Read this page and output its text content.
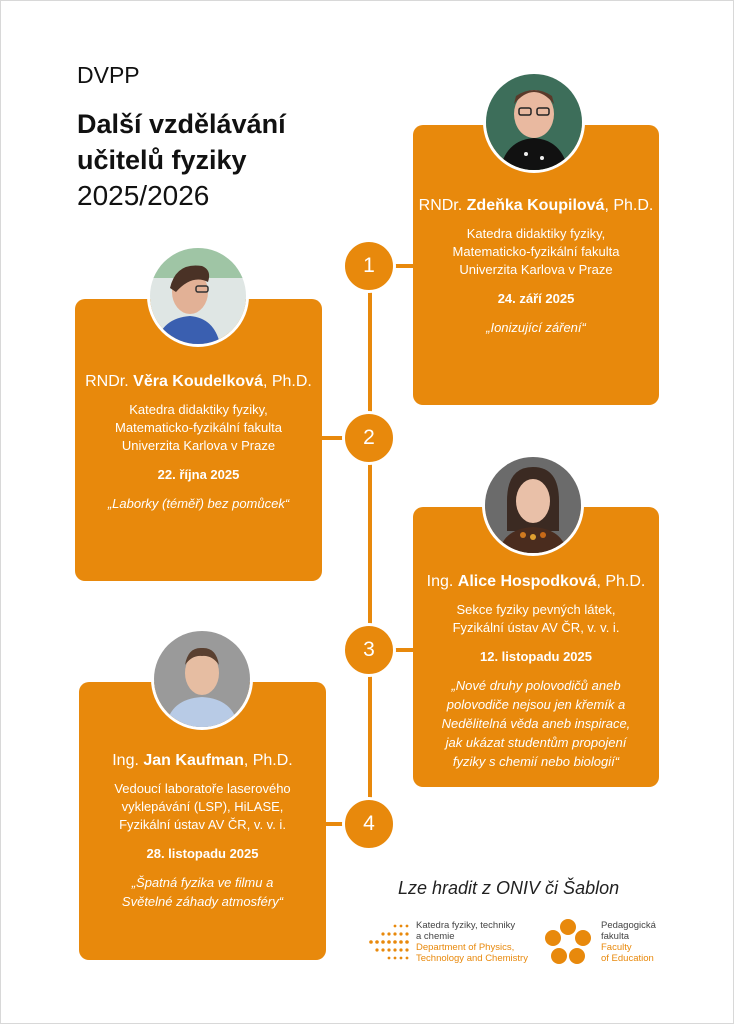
DVPP
Další vzdělávání učitelů fyziky
2025/2026
1
2
3
4
RNDr. Zdeňka Koupilová, Ph.D.
Katedra didaktiky fyziky,
Matematicko-fyzikální fakulta
Univerzita Karlova v Praze
24. září 2025
„Ionizující záření“
RNDr. Věra Koudelková, Ph.D.
Katedra didaktiky fyziky,
Matematicko-fyzikální fakulta
Univerzita Karlova v Praze
22. října 2025
„Laborky (téměř) bez pomůcek“
Ing. Alice Hospodková, Ph.D.
Sekce fyziky pevných látek,
Fyzikální ústav AV ČR, v. v. i.
12. listopadu 2025
„Nové druhy polovodičů aneb
polovodiče nejsou jen křemík a
Nedělitelná věda aneb inspirace,
jak ukázat studentům propojení
fyziky s chemií nebo biologií“
Ing. Jan Kaufman, Ph.D.
Vedoucí laboratoře laserového
vyklepávání (LSP), HiLASE,
Fyzikální ústav AV ČR, v. v. i.
28. listopadu 2025
„Špatná fyzika ve filmu a
Světelné záhady atmosféry“
Lze hradit z ONIV či Šablon
Katedra fyziky, techniky
a chemie
Department of Physics,
Technology and Chemistry
Pedagogická
fakulta
Faculty
of Education
